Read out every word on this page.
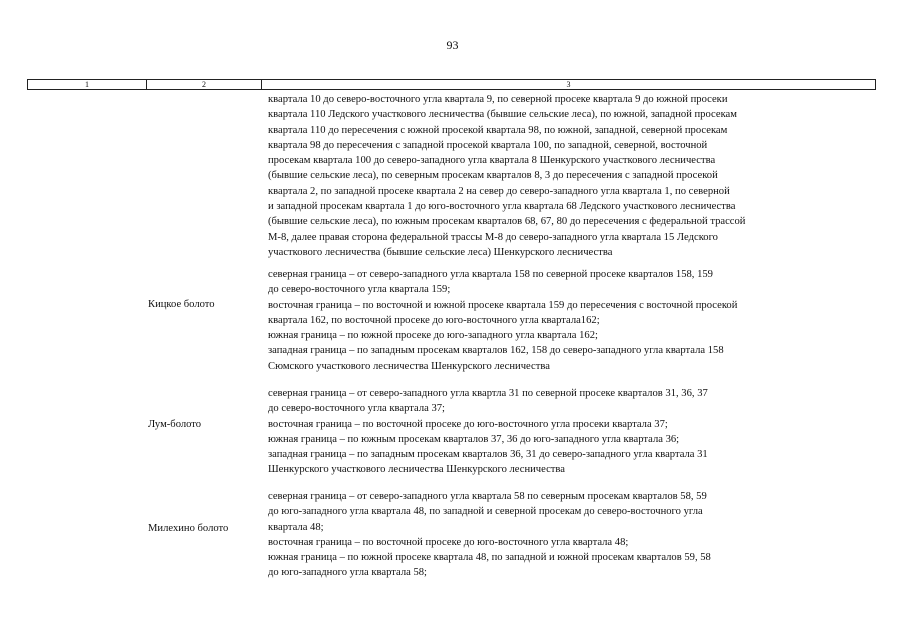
93
1	2	3
квартала 10 до северо-восточного угла квартала 9, по северной просеке квартала 9 до южной просеки
квартала 110 Ледского участкового лесничества (бывшие сельские леса), по южной, западной просекам
квартала 110 до пересечения с южной просекой квартала 98, по южной, западной, северной просекам
квартала 98 до пересечения с западной просекой квартала 100, по западной, северной, восточной
просекам квартала 100 до северо-западного угла квартала 8 Шенкурского участкового лесничества
(бывшие сельские леса), по северным просекам кварталов 8, 3 до пересечения с западной просекой
квартала 2, по западной просеке квартала 2 на север до северо-западного угла квартала 1, по северной
и западной просекам квартала 1 до юго-восточного угла квартала 68 Ледского участкового лесничества
(бывшие сельские леса), по южным просекам кварталов 68, 67, 80 до пересечения с федеральной трассой
М-8, далее правая сторона федеральной трассы М-8 до северо-западного угла квартала 15 Ледского
участкового лесничества (бывшие сельские леса) Шенкурского лесничества
Кицкое болото
северная граница – от северо-западного угла квартала 158 по северной просеке кварталов 158, 159
до северо-восточного угла квартала 159;
восточная граница – по восточной и южной просеке квартала 159 до пересечения с восточной просекой
квартала 162, по восточной просеке до юго-восточного угла квартала162;
южная граница – по южной просеке до юго-западного угла квартала 162;
западная граница – по западным просекам кварталов 162, 158 до северо-западного угла квартала 158
Сюмского участкового лесничества Шенкурского лесничества
Лум-болото
северная граница – от северо-западного угла квартла 31 по северной просеке кварталов 31, 36, 37
до северо-восточного угла квартала 37;
восточная граница – по восточной просеке до юго-восточного угла просеки квартала 37;
южная граница – по южным просекам кварталов 37, 36 до юго-западного угла квартала 36;
западная граница – по западным просекам кварталов 36, 31 до северо-западного угла квартала 31
Шенкурского участкового лесничества Шенкурского лесничества
Милехино болото
северная граница – от северо-западного угла квартала 58 по северным просекам кварталов 58, 59
до юго-западного угла квартала 48, по западной и северной просекам до северо-восточного угла
квартала 48;
восточная граница – по восточной просеке до юго-восточного угла квартала 48;
южная граница – по южной просеке квартала 48, по западной и южной просекам кварталов 59, 58
до юго-западного угла квартала 58;
